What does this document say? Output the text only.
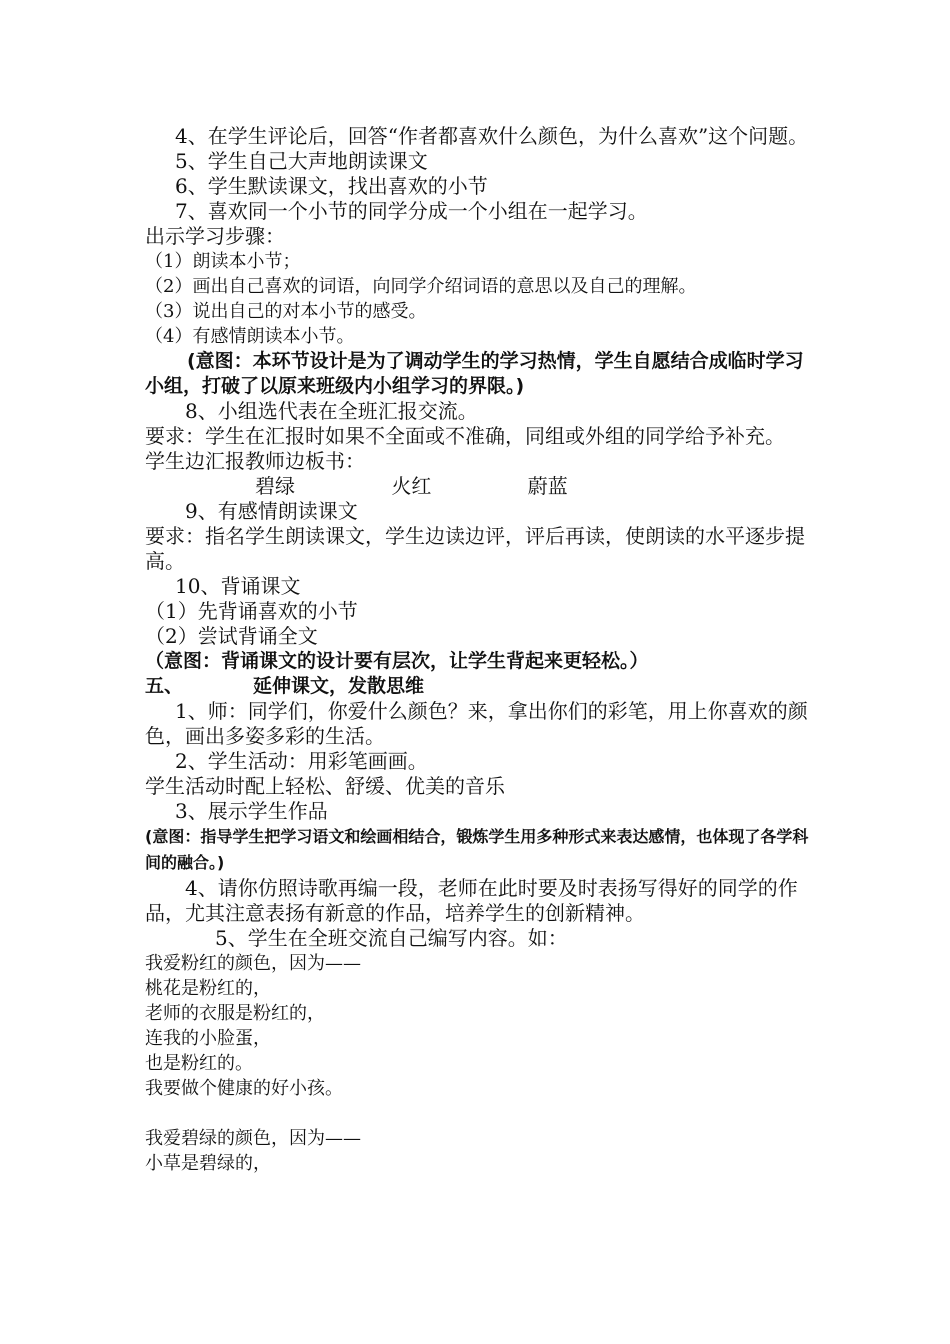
4、在学生评论后，回答“作者都喜欢什么颜色，为什么喜欢”这个问题。

5、学生自己大声地朗读课文

6、学生默读课文，找出喜欢的小节

7、喜欢同一个小节的同学分成一个小组在一起学习。

出示学习步骤：

（1）朗读本小节；

（2）画出自己喜欢的词语，向同学介绍词语的意思以及自己的理解。

（3）说出自己的对本小节的感受。

（4）有感情朗读本小节。

(意图：本环节设计是为了调动学生的学习热情，学生自愿结合成临时学习小组，打破了以原来班级内小组学习的界限。)

8、小组选代表在全班汇报交流。

要求：学生在汇报时如果不全面或不准确，同组或外组的同学给予补充。

学生边汇报教师边板书：

碧绿	火红	蔚蓝

9、有感情朗读课文

要求：指名学生朗读课文，学生边读边评，评后再读，使朗读的水平逐步提高。

10、背诵课文

（1）先背诵喜欢的小节

（2）尝试背诵全文

（意图：背诵课文的设计要有层次，让学生背起来更轻松。）

五、	延伸课文，发散思维

1、师：同学们，你爱什么颜色？来，拿出你们的彩笔，用上你喜欢的颜色，画出多姿多彩的生活。

2、学生活动：用彩笔画画。

学生活动时配上轻松、舒缓、优美的音乐

3、展示学生作品

(意图：指导学生把学习语文和绘画相结合，锻炼学生用多种形式来表达感情，也体现了各学科间的融合。)

4、请你仿照诗歌再编一段，老师在此时要及时表扬写得好的同学的作品，尤其注意表扬有新意的作品，培养学生的创新精神。

5、学生在全班交流自己编写内容。如：

我爱粉红的颜色，因为——

桃花是粉红的，

老师的衣服是粉红的，

连我的小脸蛋，

也是粉红的。

我要做个健康的好小孩。

我爱碧绿的颜色，因为——

小草是碧绿的，
